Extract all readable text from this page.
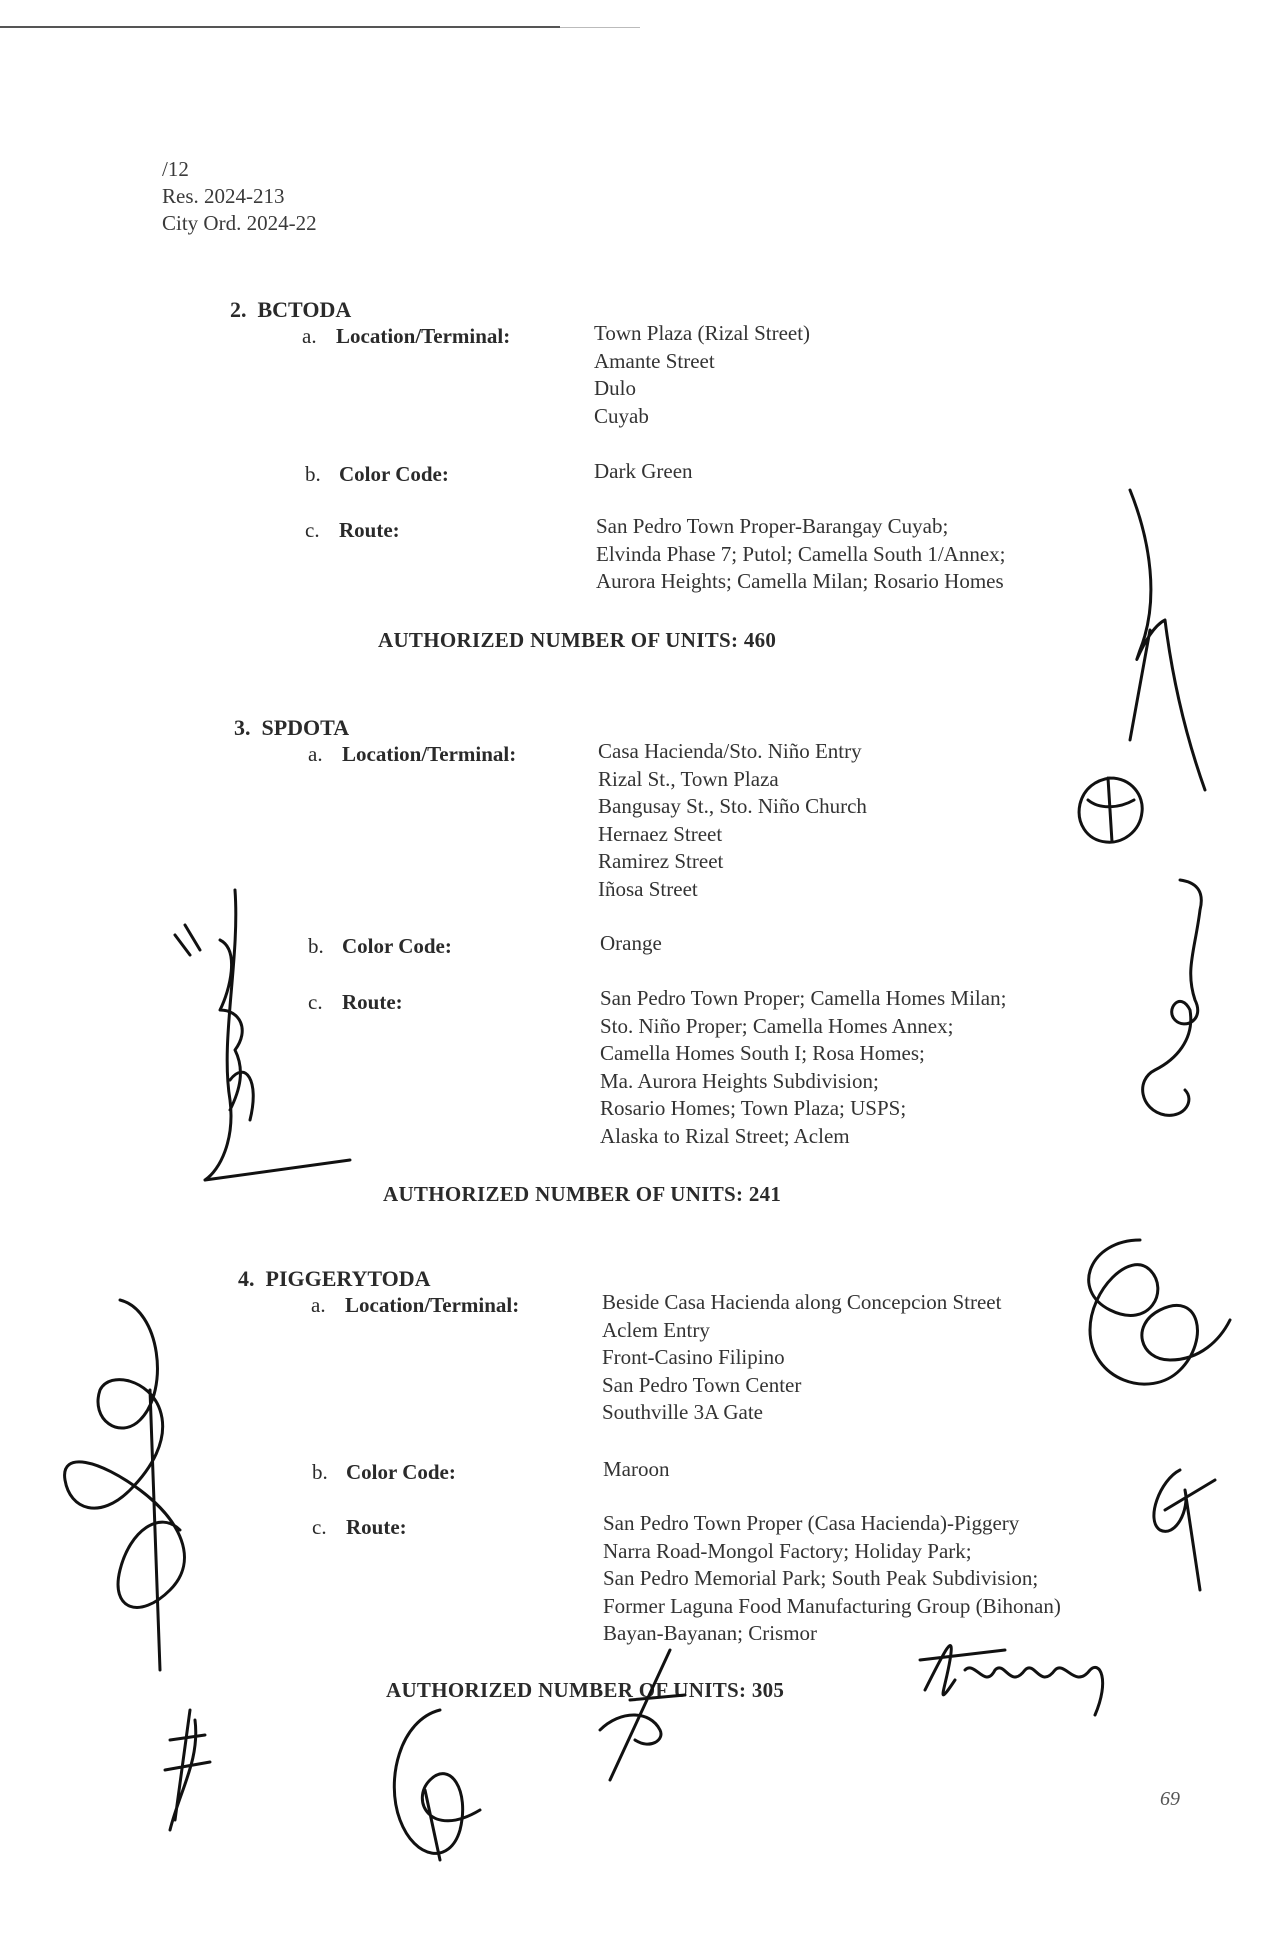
/12
Res. 2024-213
City Ord. 2024-22
2. BCTODA
a. Location/Terminal:	Town Plaza (Rizal Street)
Amante Street
Dulo
Cuyab
b. Color Code:	Dark Green
c. Route:	San Pedro Town Proper-Barangay Cuyab;
Elvinda Phase 7; Putol; Camella South 1/Annex;
Aurora Heights; Camella Milan; Rosario Homes
AUTHORIZED NUMBER OF UNITS: 460
3. SPDOTA
a. Location/Terminal:	Casa Hacienda/Sto. Niño Entry
Rizal St., Town Plaza
Bangusay St., Sto. Niño Church
Hernaez Street
Ramirez Street
Iñosa Street
b. Color Code:	Orange
c. Route:	San Pedro Town Proper; Camella Homes Milan;
Sto. Niño Proper; Camella Homes Annex;
Camella Homes South I; Rosa Homes;
Ma. Aurora Heights Subdivision;
Rosario Homes; Town Plaza; USPS;
Alaska to Rizal Street; Aclem
AUTHORIZED NUMBER OF UNITS: 241
4. PIGGERYTODA
a. Location/Terminal:	Beside Casa Hacienda along Concepcion Street
Aclem Entry
Front-Casino Filipino
San Pedro Town Center
Southville 3A Gate
b. Color Code:	Maroon
c. Route:	San Pedro Town Proper (Casa Hacienda)-Piggery
Narra Road-Mongol Factory; Holiday Park;
San Pedro Memorial Park; South Peak Subdivision;
Former Laguna Food Manufacturing Group (Bihonan)
Bayan-Bayanan; Crismor
AUTHORIZED NUMBER OF UNITS: 305
69
